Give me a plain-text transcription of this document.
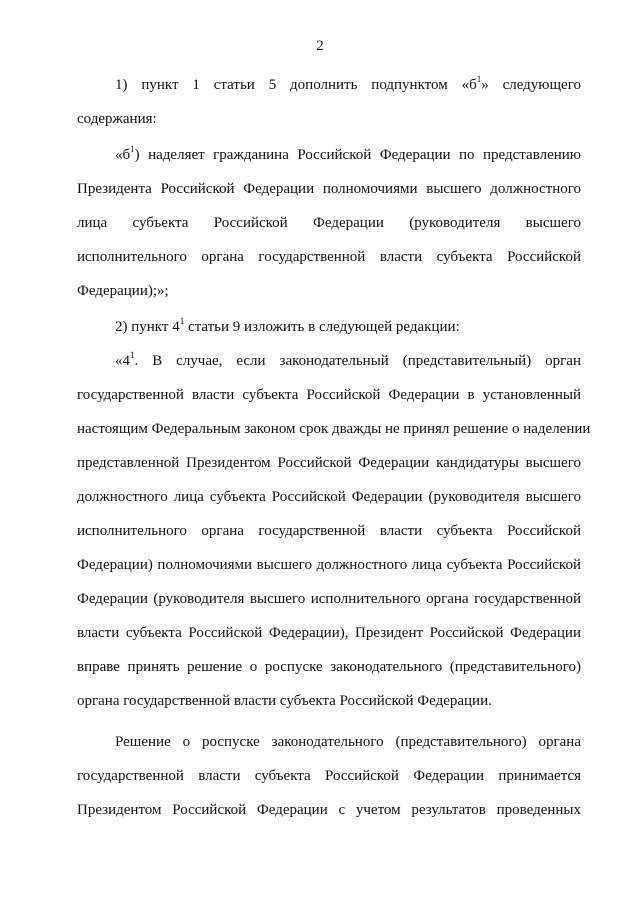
2
1) пункт 1 статьи 5 дополнить подпунктом «$б^1$» следующего
содержания:
«$б^1$) наделяет гражданина Российской Федерации по представлению
Президента Российской Федерации полномочиями высшего должностного
лица субъекта Российской Федерации (руководителя высшего
исполнительного органа государственной власти субъекта Российской
Федерации);»;
2) пункт $4^1$ статьи 9 изложить в следующей редакции:
«$4^1$. В случае, если законодательный (представительный) орган
государственной власти субъекта Российской Федерации в установленный
настоящим Федеральным законом срок дважды не принял решение о наделении
представленной Президентом Российской Федерации кандидатуры высшего
должностного лица субъекта Российской Федерации (руководителя высшего
исполнительного органа государственной власти субъекта Российской
Федерации) полномочиями высшего должностного лица субъекта Российской
Федерации (руководителя высшего исполнительного органа государственной
власти субъекта Российской Федерации), Президент Российской Федерации
вправе принять решение о роспуске законодательного (представительного)
органа государственной власти субъекта Российской Федерации.
Решение о роспуске законодательного (представительного) органа
государственной власти субъекта Российской Федерации принимается
Президентом Российской Федерации с учетом результатов проведенных
